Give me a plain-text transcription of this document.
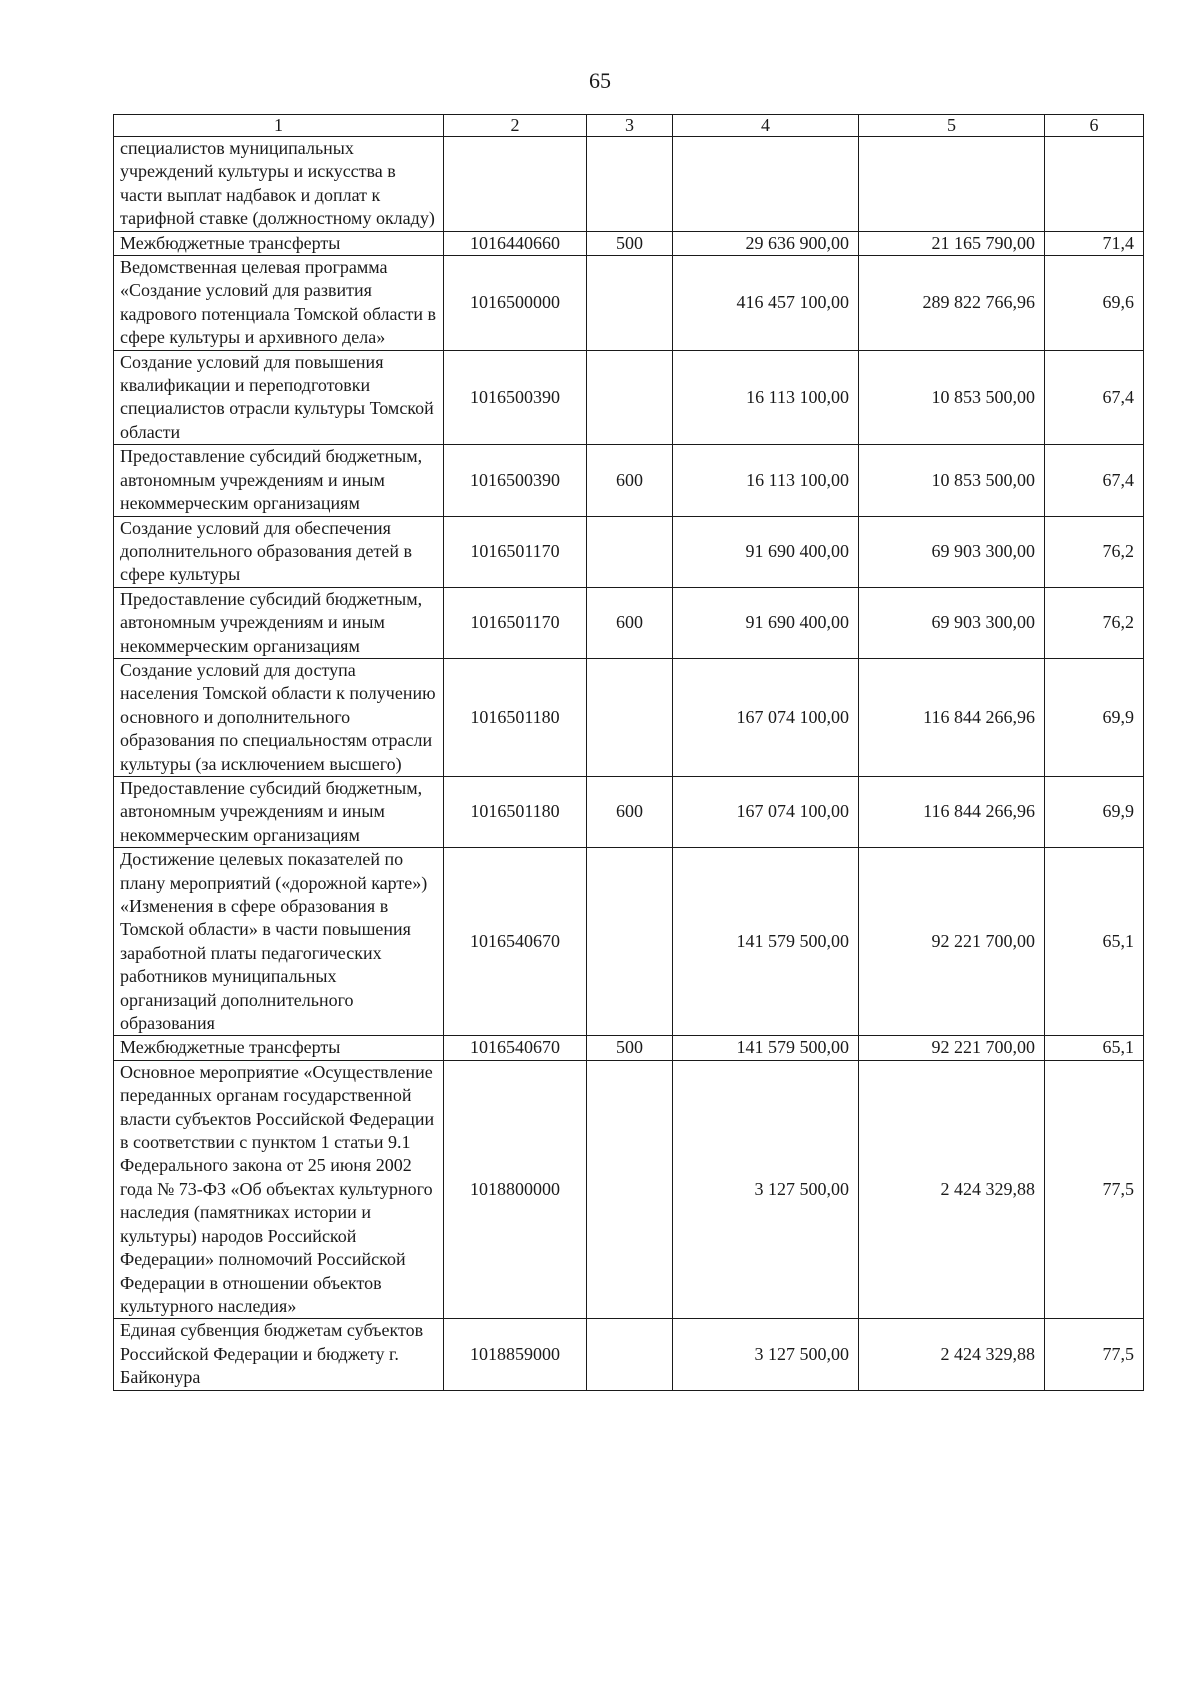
65
1	2	3	4	5	6
специалистов муниципальных учреждений культуры и искусства в части выплат надбавок и доплат к тарифной ставке (должностному окладу)					
Межбюджетные трансферты	1016440660	500	29 636 900,00	21 165 790,00	71,4
Ведомственная целевая программа «Создание условий для развития кадрового потенциала Томской области в сфере культуры и архивного дела»	1016500000		416 457 100,00	289 822 766,96	69,6
Создание условий для повышения квалификации и переподготовки специалистов отрасли культуры Томской области	1016500390		16 113 100,00	10 853 500,00	67,4
Предоставление субсидий бюджетным, автономным учреждениям и иным некоммерческим организациям	1016500390	600	16 113 100,00	10 853 500,00	67,4
Создание условий для обеспечения дополнительного образования детей в сфере культуры	1016501170		91 690 400,00	69 903 300,00	76,2
Предоставление субсидий бюджетным, автономным учреждениям и иным некоммерческим организациям	1016501170	600	91 690 400,00	69 903 300,00	76,2
Создание условий для доступа населения Томской области к получению основного и дополнительного образования по специальностям отрасли культуры (за исключением высшего)	1016501180		167 074 100,00	116 844 266,96	69,9
Предоставление субсидий бюджетным, автономным учреждениям и иным некоммерческим организациям	1016501180	600	167 074 100,00	116 844 266,96	69,9
Достижение целевых показателей по плану мероприятий («дорожной карте») «Изменения в сфере образования в Томской области» в части повышения заработной платы педагогических работников муниципальных организаций дополнительного образования	1016540670		141 579 500,00	92 221 700,00	65,1
Межбюджетные трансферты	1016540670	500	141 579 500,00	92 221 700,00	65,1
Основное мероприятие «Осуществление переданных органам государственной власти субъектов Российской Федерации в соответствии с пунктом 1 статьи 9.1 Федерального закона от 25 июня 2002 года № 73-ФЗ «Об объектах культурного наследия (памятниках истории и культуры) народов Российской Федерации» полномочий Российской Федерации в отношении объектов культурного наследия»	1018800000		3 127 500,00	2 424 329,88	77,5
Единая субвенция бюджетам субъектов Российской Федерации и бюджету г. Байконура	1018859000		3 127 500,00	2 424 329,88	77,5
